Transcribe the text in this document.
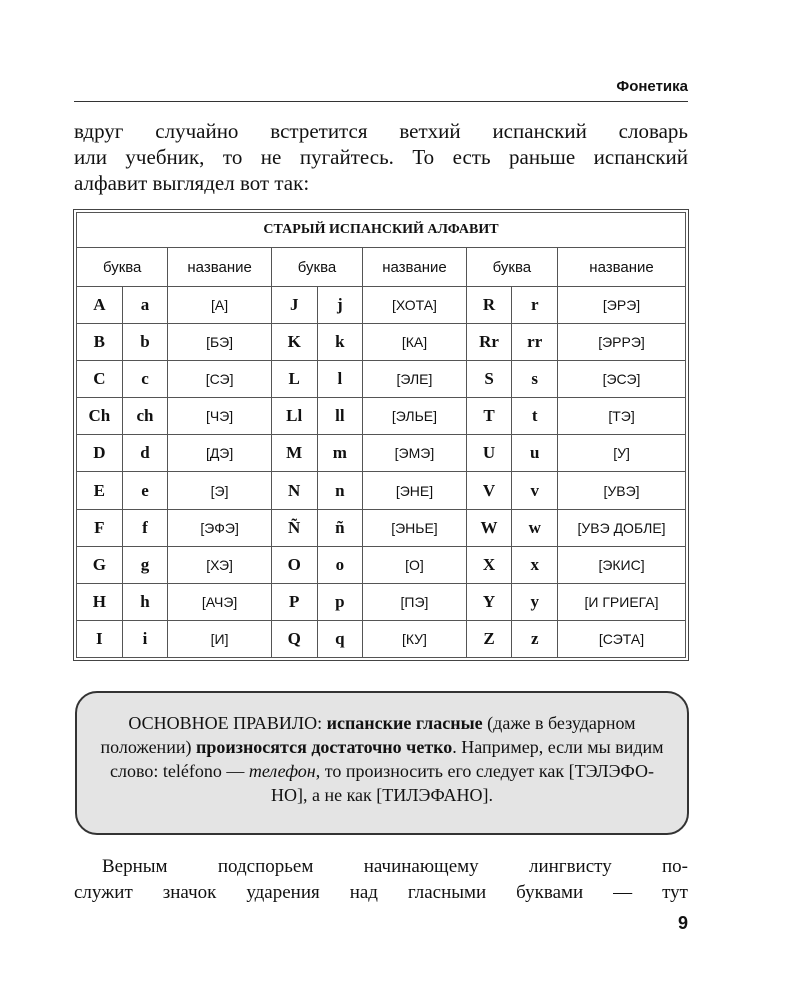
Фонетика
вдруг случайно встретится ветхий испанский словарь
или учебник, то не пугайтесь. То есть раньше испанский
алфавит выглядел вот так:
СТАРЫЙ ИСПАНСКИЙ АЛФАВИТ								
буква		название	буква		название	буква		название
A	a	[А]	J	j	[ХОТА]	R	r	[ЭРЭ]
B	b	[БЭ]	K	k	[КА]	Rr	rr	[ЭРРЭ]
C	c	[СЭ]	L	l	[ЭЛЕ]	S	s	[ЭСЭ]
Ch	ch	[ЧЭ]	Ll	ll	[ЭЛЬЕ]	T	t	[ТЭ]
D	d	[ДЭ]	M	m	[ЭМЭ]	U	u	[У]
E	e	[Э]	N	n	[ЭНЕ]	V	v	[УВЭ]
F	f	[ЭФЭ]	Ñ	ñ	[ЭНЬЕ]	W	w	[УВЭ ДОБЛЕ]
G	g	[ХЭ]	O	o	[О]	X	x	[ЭКИС]
H	h	[АЧЭ]	P	p	[ПЭ]	Y	y	[И ГРИЕГА]
I	i	[И]	Q	q	[КУ]	Z	z	[СЭТА]
ОСНОВНОЕ ПРАВИЛО: испанские гласные (даже в безударном положении) произносятся достаточно четко. Например, если мы видим слово: teléfono — телефон, то произносить его следует как [ТЭЛЭФО-НО], а не как [ТИЛЭФАНО].
Верным подспорьем начинающему лингвисту по-
служит значок ударения над гласными буквами — тут
9
